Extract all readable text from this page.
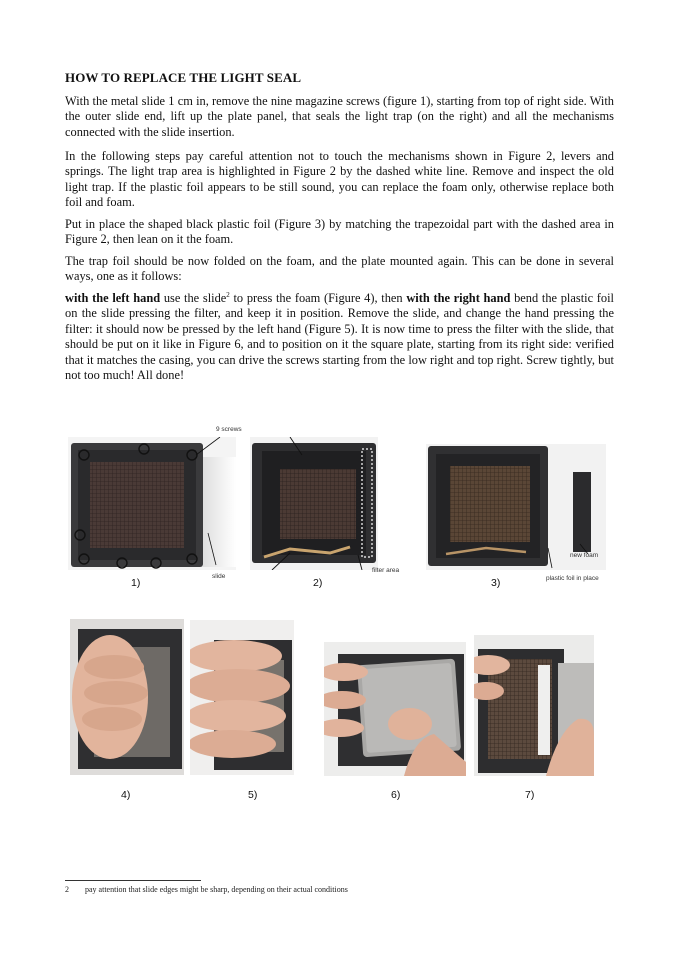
HOW TO REPLACE THE LIGHT SEAL

With the metal slide 1 cm in, remove the nine magazine screws (figure 1), starting from top of right side. With the outer slide end, lift up the plate panel, that seals the light trap (on the right) and all the mechanisms connected with the slide insertion.

In the following steps pay careful attention not to touch the mechanisms shown in Figure 2, levers and springs. The light trap area is highlighted in Figure 2 by the dashed white line. Remove and inspect the old light trap. If the plastic foil appears to be still sound, you can replace the foam only, otherwise replace both foil and foam.

Put in place the shaped black plastic foil (Figure 3) by matching the trapezoidal part with the dashed area in Figure 2, then lean on it the foam.

The trap foil should be now folded on the foam, and the plate mounted again. This can be done in several ways, one as it follows:

with the left hand use the slide$^2$ to press the foam (Figure 4), then with the right hand bend the plastic foil on the slide pressing the filter, and keep it in position. Remove the slide, and change the hand pressing the filter: it should now be pressed by the left hand (Figure 5). It is now time to press the filter with the slide, that should be put on it like in Figure 6, and to position on it the square plate, starting from its right side: verified that it matches the casing, you can drive the screws starting from the low right and top right. Screw tightly, but not too much! All done!

9 screws
slide
1)
filter area
2)
new foam
plastic foil in place
3)
4)	5)	6)	7)
2 pay attention that slide edges might be sharp, depending on their actual conditions
